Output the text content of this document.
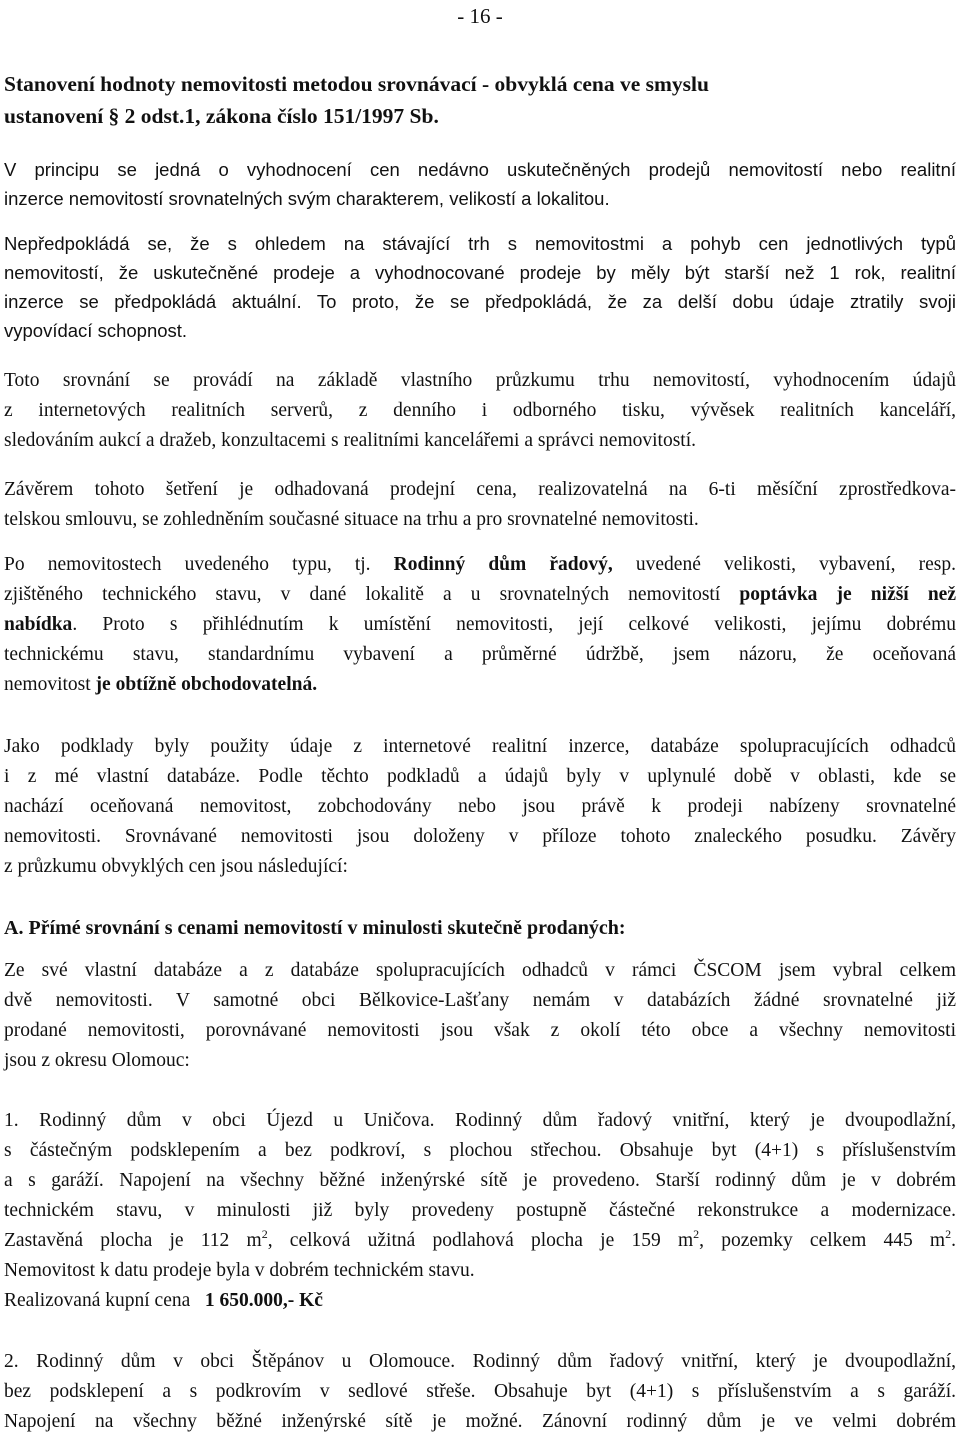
- 16 -
Stanovení hodnoty nemovitosti metodou srovnávací - obvyklá cena ve smyslu
ustanovení § 2 odst.1, zákona číslo 151/1997 Sb.

V principu se jedná o vyhodnocení cen nedávno uskutečněných prodejů nemovitostí nebo realitní
inzerce nemovitostí srovnatelných svým charakterem, velikostí a lokalitou.

Nepředpokládá se, že s ohledem na stávající trh s nemovitostmi a pohyb cen jednotlivých typů
nemovitostí, že uskutečněné prodeje a vyhodnocované prodeje by měly být starší než 1 rok, realitní
inzerce se předpokládá aktuální. To proto, že se předpokládá, že za delší dobu údaje ztratily svoji
vypovídací schopnost.

Toto srovnání se provádí na základě vlastního průzkumu trhu nemovitostí, vyhodnocením údajů
z internetových realitních serverů, z denního i odborného tisku, vývěsek realitních kanceláří,
sledováním aukcí a dražeb, konzultacemi s realitními kancelářemi a správci nemovitostí.

Závěrem tohoto šetření je odhadovaná prodejní cena, realizovatelná na 6-ti měsíční zprostředkova-
telskou smlouvu, se zohledněním současné situace na trhu a pro srovnatelné nemovitosti.

Po nemovitostech uvedeného typu, tj. Rodinný dům řadový, uvedené velikosti, vybavení, resp.
zjištěného technického stavu, v dané lokalitě a u srovnatelných nemovitostí poptávka je nižší než
nabídka. Proto s přihlédnutím k umístění nemovitosti, její celkové velikosti, jejímu dobrému
technickému stavu, standardnímu vybavení a průměrné údržbě, jsem názoru, že oceňovaná
nemovitost je obtížně obchodovatelná.

Jako podklady byly použity údaje z internetové realitní inzerce, databáze spolupracujících odhadců
i z mé vlastní databáze. Podle těchto podkladů a údajů byly v uplynulé době v oblasti, kde se
nachází oceňovaná nemovitost, zobchodovány nebo jsou právě k prodeji nabízeny srovnatelné
nemovitosti. Srovnávané nemovitosti jsou doloženy v příloze tohoto znaleckého posudku. Závěry
z průzkumu obvyklých cen jsou následující:

A. Přímé srovnání s cenami nemovitostí v minulosti skutečně prodaných:

Ze své vlastní databáze a z databáze spolupracujících odhadců v rámci ČSCOM jsem vybral celkem
dvě nemovitosti. V samotné obci Bělkovice-Lašťany nemám v databázích žádné srovnatelné již
prodané nemovitosti, porovnávané nemovitosti jsou však z okolí této obce a všechny nemovitosti
jsou z okresu Olomouc:

1. Rodinný dům v obci Újezd u Uničova. Rodinný dům řadový vnitřní, který je dvoupodlažní,
s částečným podsklepením a bez podkroví, s plochou střechou. Obsahuje byt (4+1) s příslušenstvím
a s garáží. Napojení na všechny běžné inženýrské sítě je provedeno. Starší rodinný dům je v dobrém
technickém stavu, v minulosti již byly provedeny postupně částečné rekonstrukce a modernizace.
Zastavěná plocha je 112 $m^2$, celková užitná podlahová plocha je 159 $m^2$, pozemky celkem 445 $m^2$.
Nemovitost k datu prodeje byla v dobrém technickém stavu.
Realizovaná kupní cena 1 650.000,- Kč

2. Rodinný dům v obci Štěpánov u Olomouce. Rodinný dům řadový vnitřní, který je dvoupodlažní,
bez podsklepení a s podkrovím v sedlové střeše. Obsahuje byt (4+1) s příslušenstvím a s garáží.
Napojení na všechny běžné inženýrské sítě je možné. Zánovní rodinný dům je ve velmi dobrém
